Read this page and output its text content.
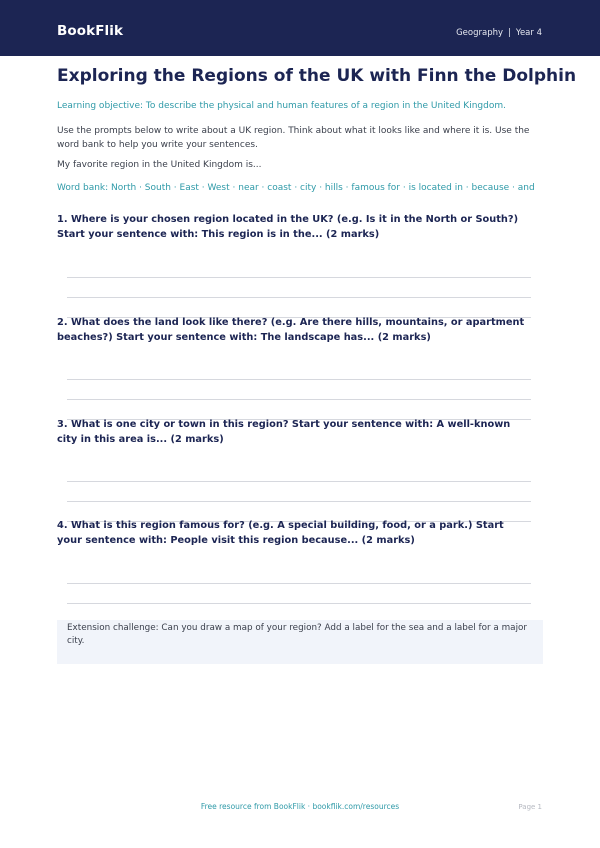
BookFlik	Geography | Year 4
Exploring the Regions of the UK with Finn the Dolphin
Learning objective: To describe the physical and human features of a region in the United Kingdom.
Use the prompts below to write about a UK region. Think about what it looks like and where it is. Use the word bank to help you write your sentences.
My favorite region in the United Kingdom is...
Word bank: North · South · East · West · near · coast · city · hills · famous for · is located in · because · and
1. Where is your chosen region located in the UK? (e.g. Is it in the North or South?) Start your sentence with: This region is in the... (2 marks)
2. What does the land look like there? (e.g. Are there hills, mountains, or apartment beaches?) Start your sentence with: The landscape has... (2 marks)
3. What is one city or town in this region? Start your sentence with: A well-known city in this area is... (2 marks)
4. What is this region famous for? (e.g. A special building, food, or a park.) Start your sentence with: People visit this region because... (2 marks)
Extension challenge: Can you draw a map of your region? Add a label for the sea and a label for a major city.
Free resource from BookFlik · bookflik.com/resources	Page 1
